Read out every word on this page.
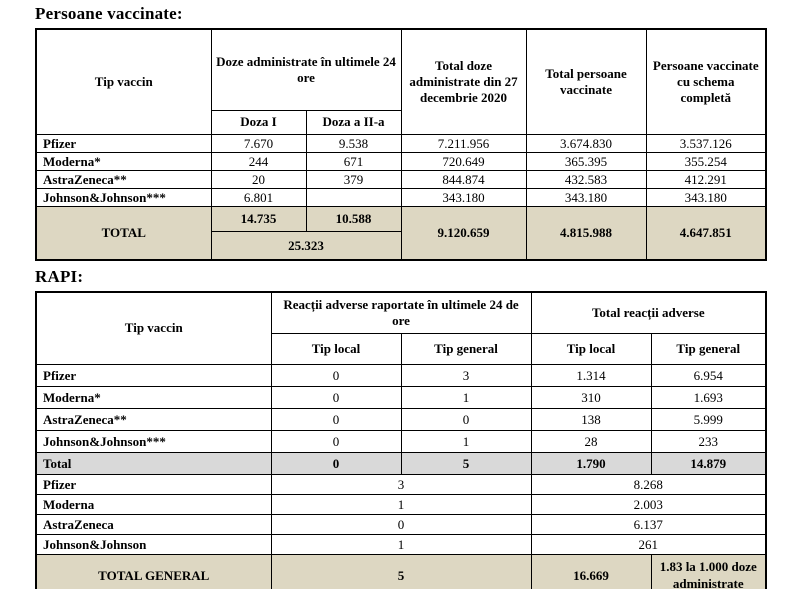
Persoane vaccinate:
Tip vaccin	Doze administrate în ultimele 24 ore		Total doze administrate din 27 decembrie 2020	Total persoane vaccinate	Persoane vaccinate cu schema completă
	Doza I	Doza a II-a			
Pfizer	7.670	9.538	7.211.956	3.674.830	3.537.126
Moderna*	244	671	720.649	365.395	355.254
AstraZeneca**	20	379	844.874	432.583	412.291
Johnson&Johnson***	6.801		343.180	343.180	343.180
TOTAL	14.735	10.588	9.120.659	4.815.988	4.647.851
	25.323				
RAPI:
Tip vaccin	Reacții adverse raportate în ultimele 24 de ore		Total reacții adverse	
	Tip local	Tip general	Tip local	Tip general
Pfizer	0	3	1.314	6.954
Moderna*	0	1	310	1.693
AstraZeneca**	0	0	138	5.999
Johnson&Johnson***	0	1	28	233
Total	0	5	1.790	14.879
Pfizer	3		8.268	
Moderna	1		2.003	
AstraZeneca	0		6.137	
Johnson&Johnson	1		261	
TOTAL GENERAL	5		16.669	1.83 la 1.000 doze administrate
